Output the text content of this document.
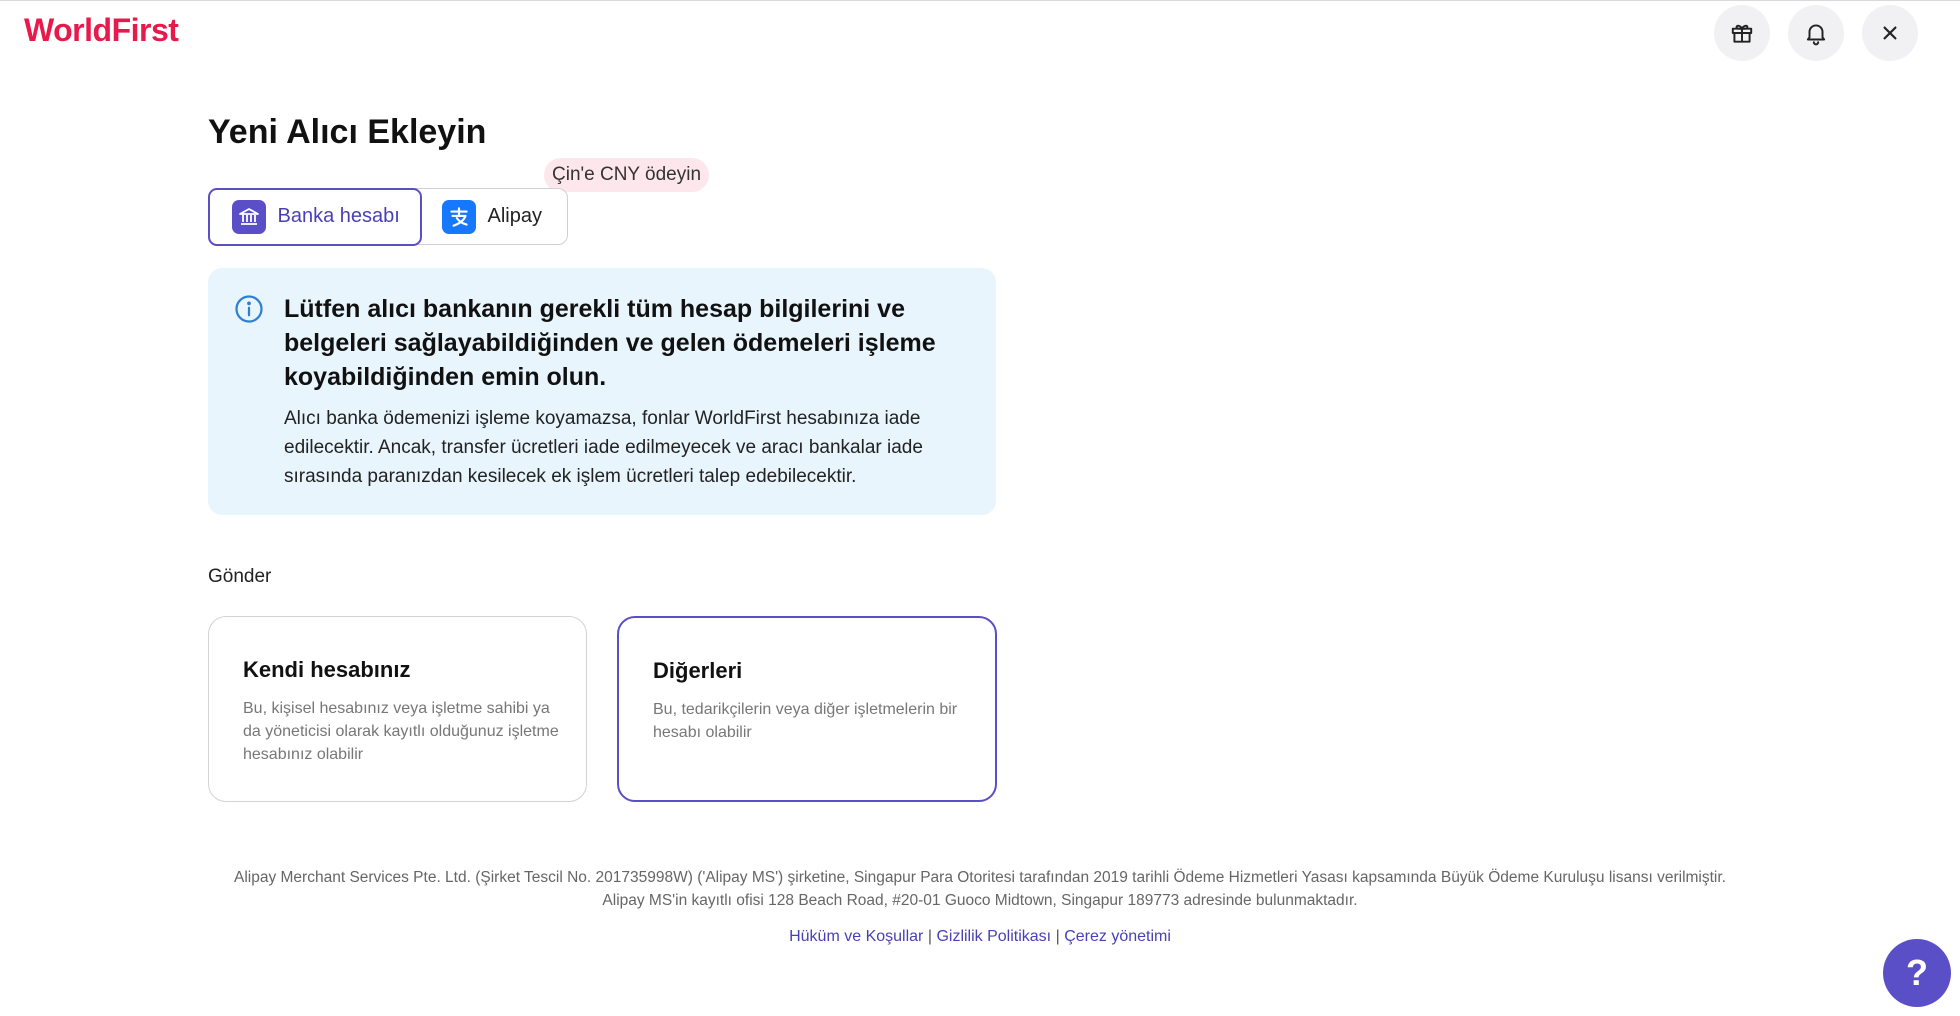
WorldFirst
Yeni Alıcı Ekleyin
Çin'e CNY ödeyin
Banka hesabı	Alipay

Lütfen alıcı bankanın gerekli tüm hesap bilgilerini ve belgeleri sağlayabildiğinden ve gelen ödemeleri işleme koyabildiğinden emin olun.

Alıcı banka ödemenizi işleme koyamazsa, fonlar WorldFirst hesabınıza iade edilecektir. Ancak, transfer ücretleri iade edilmeyecek ve aracı bankalar iade sırasında paranızdan kesilecek ek işlem ücretleri talep edebilecektir.

Gönder
Kendi hesabınız
Bu, kişisel hesabınız veya işletme sahibi ya da yöneticisi olarak kayıtlı olduğunuz işletme hesabınız olabilir
Diğerleri
Bu, tedarikçilerin veya diğer işletmelerin bir hesabı olabilir
Alipay Merchant Services Pte. Ltd. (Şirket Tescil No. 201735998W) ('Alipay MS') şirketine, Singapur Para Otoritesi tarafından 2019 tarihli Ödeme Hizmetleri Yasası kapsamında Büyük Ödeme Kuruluşu lisansı verilmiştir.
Alipay MS'in kayıtlı ofisi 128 Beach Road, #20-01 Guoco Midtown, Singapur 189773 adresinde bulunmaktadır.
Hüküm ve Koşullar | Gizlilik Politikası | Çerez yönetimi
?
